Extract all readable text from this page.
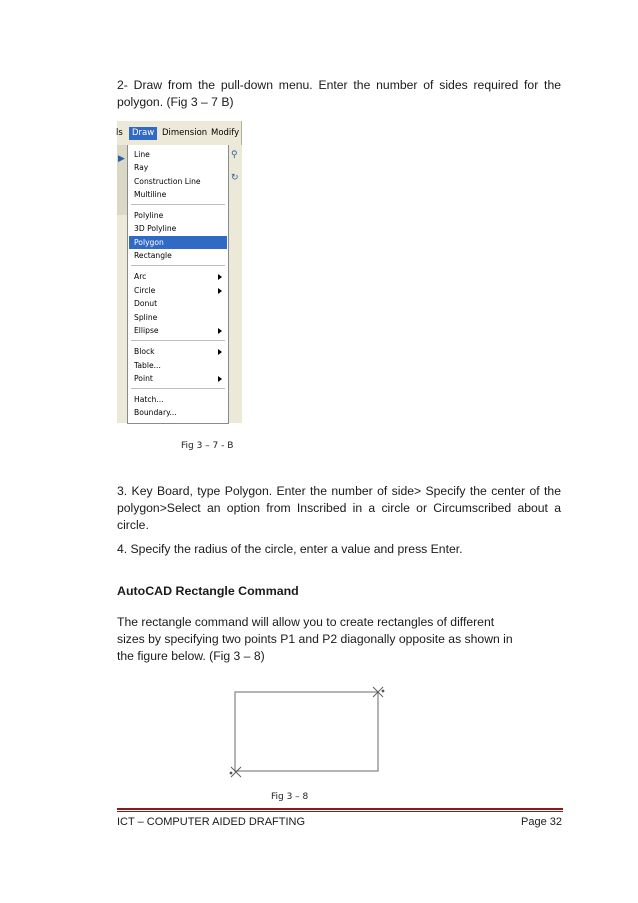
2- Draw from the pull-down menu. Enter the number of sides required for the polygon. (Fig 3 – 7 B)

ls	Draw Dimension Modify
▶	⚲
↻
Line
Ray
Construction Line
Multiline
Polyline
3D Polyline
Polygon
Rectangle
Arc
Circle
Donut
Spline
Ellipse
Block
Table...
Point
Hatch...
Boundary...
Fig 3 – 7 - B

3. Key Board, type Polygon. Enter the number of side> Specify the center of the polygon>Select an option from Inscribed in a circle or Circumscribed about a circle.

4. Specify the radius of the circle, enter a value and press Enter.

AutoCAD Rectangle Command

The rectangle command will allow you to create rectangles of different
sizes by specifying two points P1 and P2 diagonally opposite as shown in
the figure below. (Fig 3 – 8)
Fig 3 – 8
ICT – COMPUTER AIDED DRAFTING	Page 32
